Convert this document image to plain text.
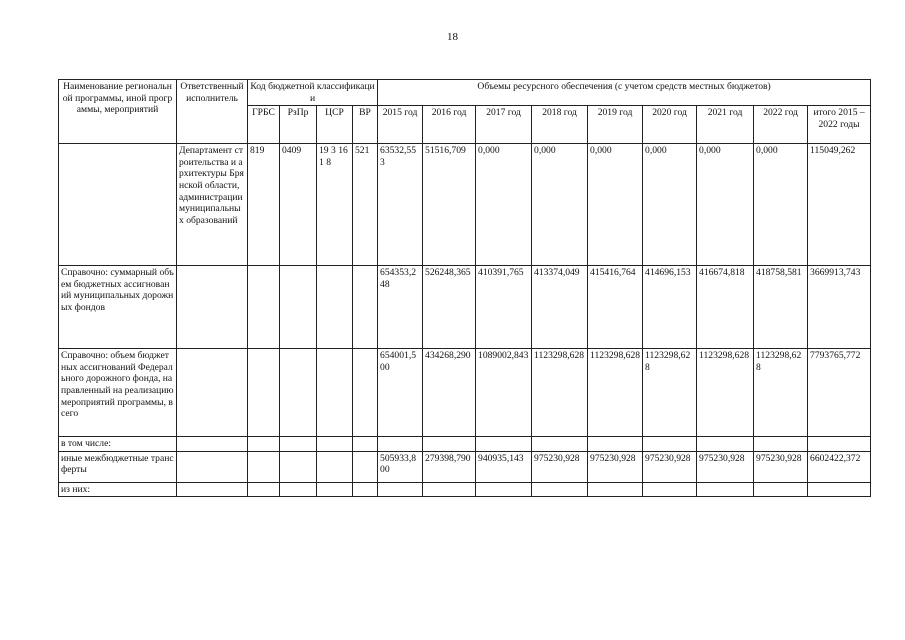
18
Наименование региональной программы, иной программы, мероприятий	Ответственный исполнитель	Код бюджетной классификации				Объемы ресурсного обеспечения (с учетом средств местных бюджетов)								
		ГРБС	РзПр	ЦСР	ВР	2015 год	2016 год	2017 год	2018 год	2019 год	2020 год	2021 год	2022 год	итого 2015 – 2022 годы
	Департамент строительства и архитектуры Брянской области, администрации муниципальных образований	819	0409	19 3 161 8	521	63532,553	51516,709	0,000	0,000	0,000	0,000	0,000	0,000	115049,262
Справочно: суммарный объем бюджетных ассигнований муниципальных дорожных фондов						654353,248	526248,365	410391,765	413374,049	415416,764	414696,153	416674,818	418758,581	3669913,743
Справочно: объем бюджетных ассигнований Федерального дорожного фонда, направленный на реализацию мероприятий программы, всего						654001,500	434268,290	1089002,843	1123298,628	1123298,628	1123298,628	1123298,628	1123298,628	7793765,772
в том числе:														
иные межбюджетные трансферты						505933,800	279398,790	940935,143	975230,928	975230,928	975230,928	975230,928	975230,928	6602422,372
из них:														
